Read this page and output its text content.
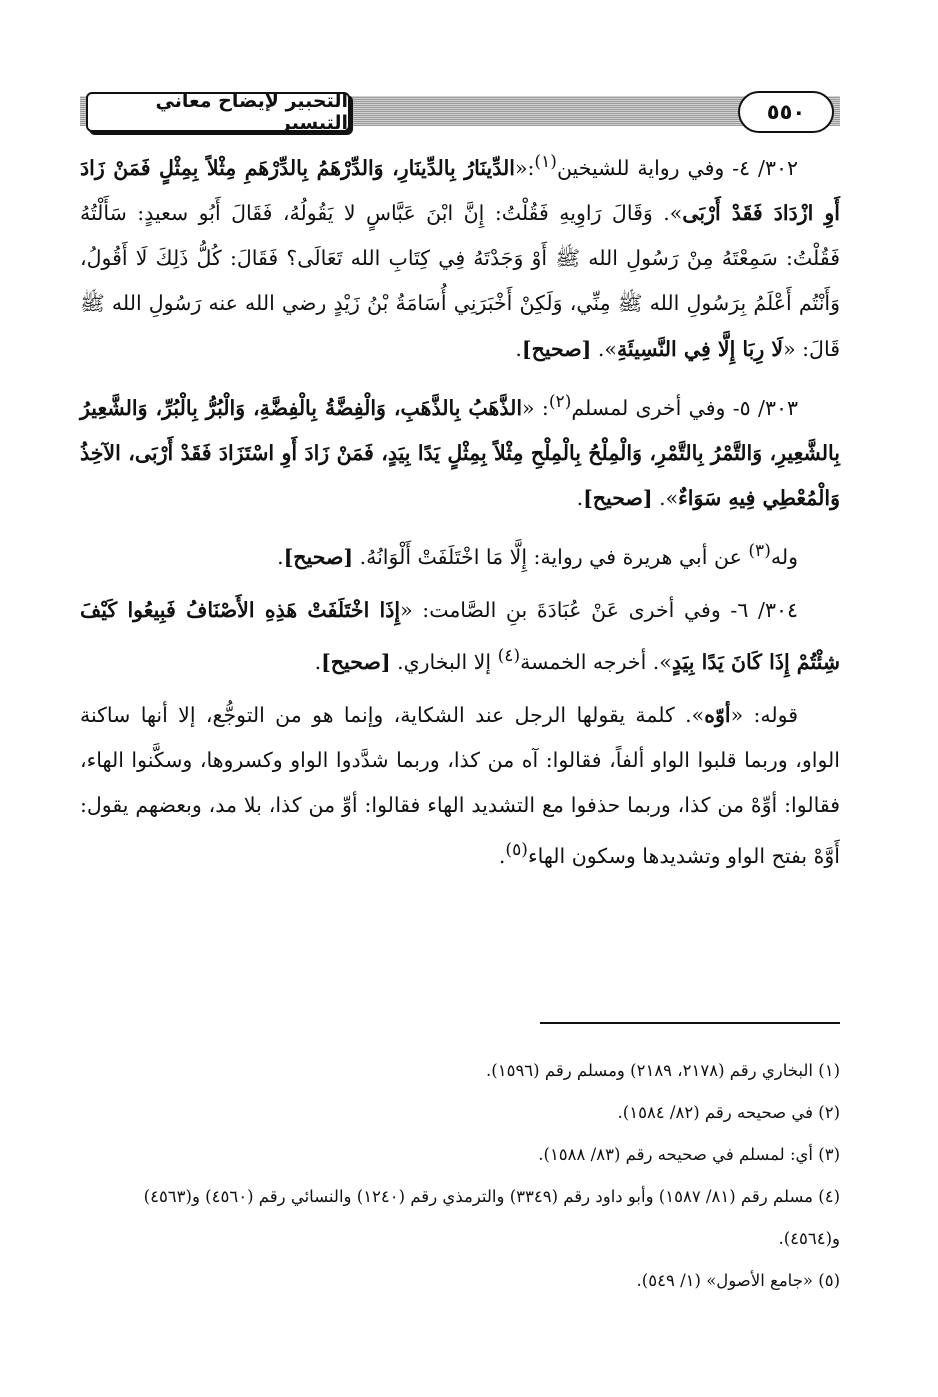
التحبير لإيضاح معاني التيسير	٥٥٠

٣٠٢/ ٤- وفي رواية للشيخين$^{(١)}$:«الدِّينَارُ بِالدِّينَارِ، وَالدِّرْهَمُ بِالدِّرْهَمِ مِثْلاً بِمِثْلٍ فَمَنْ زَادَ أَوِ ازْدَادَ فَقَدْ أَرْبَى». وَقَالَ رَاوِيهِ فَقُلْتُ: إِنَّ ابْنَ عَبَّاسٍ لا يَقُولُهُ، فَقَالَ أَبُو سعيدٍ: سَأَلْتُهُ فَقُلْتُ: سَمِعْتَهُ مِنْ رَسُولِ الله ﷺ أَوْ وَجَدْتَهُ فِي كِتَابِ الله تَعَالَى؟ فَقَالَ: كُلُّ ذَلِكَ لَا أَقُولُ، وَأَنْتُم أَعْلَمُ بِرَسُولِ الله ﷺ مِنِّي، وَلَكِنْ أَخْبَرَنِي أُسَامَةُ بْنُ زَيْدٍ رضي الله عنه رَسُولِ الله ﷺ قَالَ: «لَا رِبَا إِلَّا فِي النَّسِيئَةِ». [صحيح].

٣٠٣/ ٥- وفي أخرى لمسلم$^{(٢)}$: «الذَّهَبُ بِالذَّهَبِ، وَالْفِضَّةُ بِالْفِضَّةِ، وَالْبُرُّ بِالْبُرِّ، وَالشَّعِيرُ بِالشَّعِيرِ، وَالتَّمْرُ بِالتَّمْرِ، وَالْمِلْحُ بِالْمِلْحِ مِثْلاً بِمِثْلٍ يَدًا بِيَدٍ، فَمَنْ زَادَ أَوِ اسْتَزَادَ فَقَدْ أَرْبَى، الآخِذُ وَالْمُعْطِي فِيهِ سَوَاءٌ». [صحيح].

وله$^{(٣)}$ عن أبي هريرة في رواية: إِلَّا مَا اخْتَلَفَتْ أَلْوَانُهُ. [صحيح].

٣٠٤/ ٦- وفي أخرى عَنْ عُبَادَةَ بنِ الصَّامت: «إِذَا اخْتَلَفَتْ هَذِهِ الأَصْنَافُ فَبِيعُوا كَيْفَ شِئْتُمْ إِذَا كَانَ يَدًا بِيَدٍ». أخرجه الخمسة$^{(٤)}$ إلا البخاري. [صحيح].

قوله: «أوّه». كلمة يقولها الرجل عند الشكاية، وإنما هو من التوجُّع، إلا أنها ساكنة الواو، وربما قلبوا الواو ألفاً، فقالوا: آه من كذا، وربما شدَّدوا الواو وكسروها، وسكَّنوا الهاء، فقالوا: أوِّهْ من كذا، وربما حذفوا مع التشديد الهاء فقالوا: أوِّ من كذا، بلا مد، وبعضهم يقول: أَوَّهْ بفتح الواو وتشديدها وسكون الهاء$^{(٥)}$.

(١) البخاري رقم (٢١٧٨، ٢١٨٩) ومسلم رقم (١٥٩٦).
(٢) في صحيحه رقم (٨٢/ ١٥٨٤).
(٣) أي: لمسلم في صحيحه رقم (٨٣/ ١٥٨٨).
(٤) مسلم رقم (٨١/ ١٥٨٧) وأبو داود رقم (٣٣٤٩) والترمذي رقم (١٢٤٠) والنسائي رقم (٤٥٦٠) و(٤٥٦٣) و(٤٥٦٤).
(٥) «جامع الأصول» (١/ ٥٤٩).
